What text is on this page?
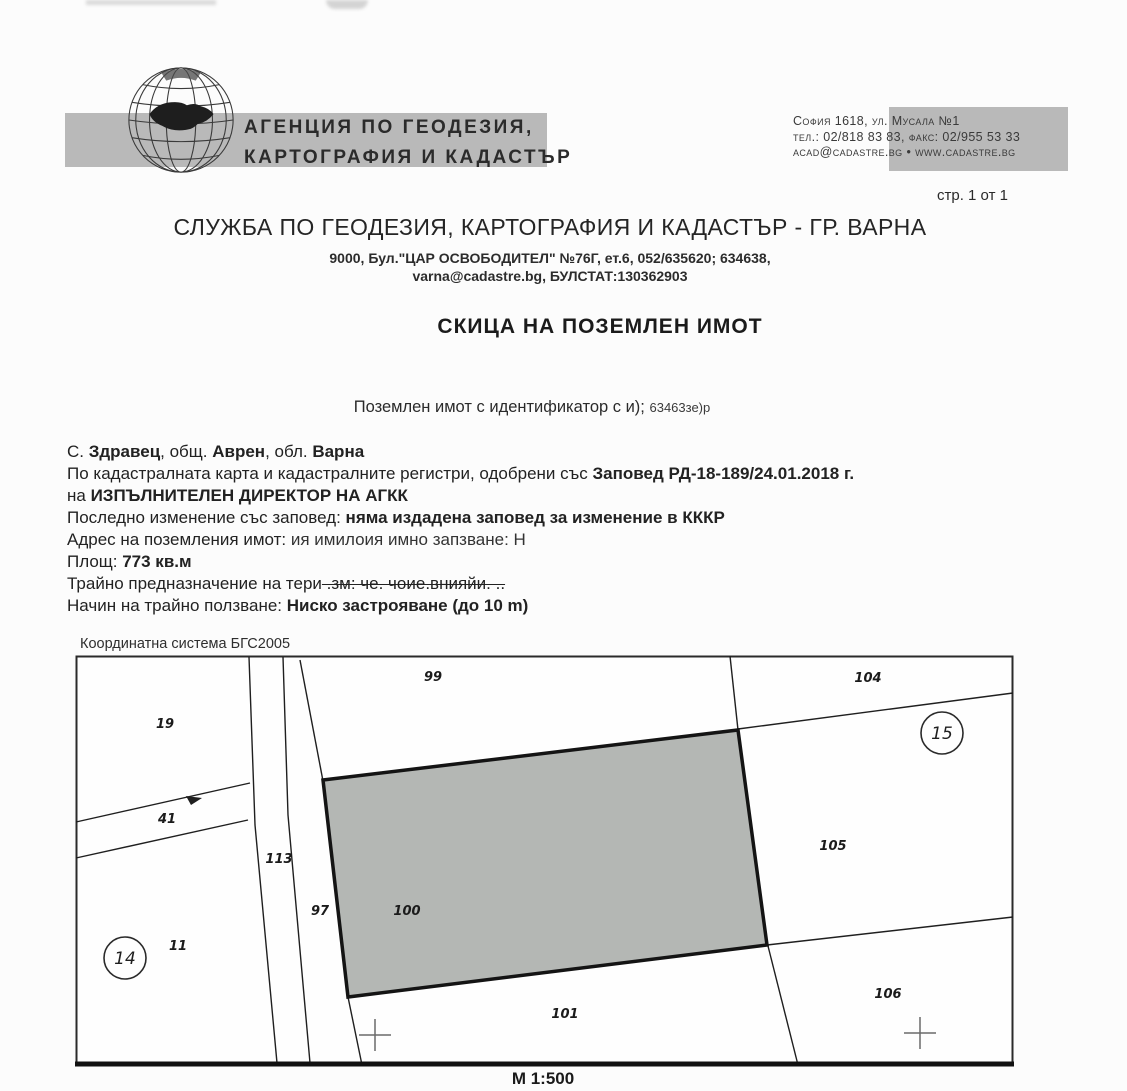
АГЕНЦИЯ ПО ГЕОДЕЗИЯ,
КАРТОГРАФИЯ И КАДАСТЪР
София 1618, ул. Мусала №1
тел.: 02/818 83 83, факс: 02/955 53 33
acad@cadastre.bg • www.cadastre.bg
стр. 1 от 1
СЛУЖБА ПО ГЕОДЕЗИЯ, КАРТОГРАФИЯ И КАДАСТЪР - ГР. ВАРНА
9000, Бул."ЦАР ОСВОБОДИТЕЛ" №76Г, ет.6, 052/635620; 634638,
varna@cadastre.bg, БУЛСТАТ:130362903
СКИЦА НА ПОЗЕМЛЕН ИМОТ
Поземлен имот с идентификатор с и); 63463зе)р
С. Здравец, общ. Аврен, обл. Варна
По кадастралната карта и кадастралните регистри, одобрени със Заповед РД-18-189/24.01.2018 г.
на ИЗПЪЛНИТЕЛЕН ДИРЕКТОР НА АГКК
Последно изменение със заповед: няма издадена заповед за изменение в КККР
Адрес на поземления имот: ия имилоия имно запзване: Н
Площ: 773 кв.м
Трайно предназначение на тери .зм: че. чоие.внияйи. ..
Начин на трайно ползване: Ниско застрояване (до 10 m)
Координатна система БГС2005
14
15
19
41
11
113
97
99
100
104
105
106
101
М 1:500
